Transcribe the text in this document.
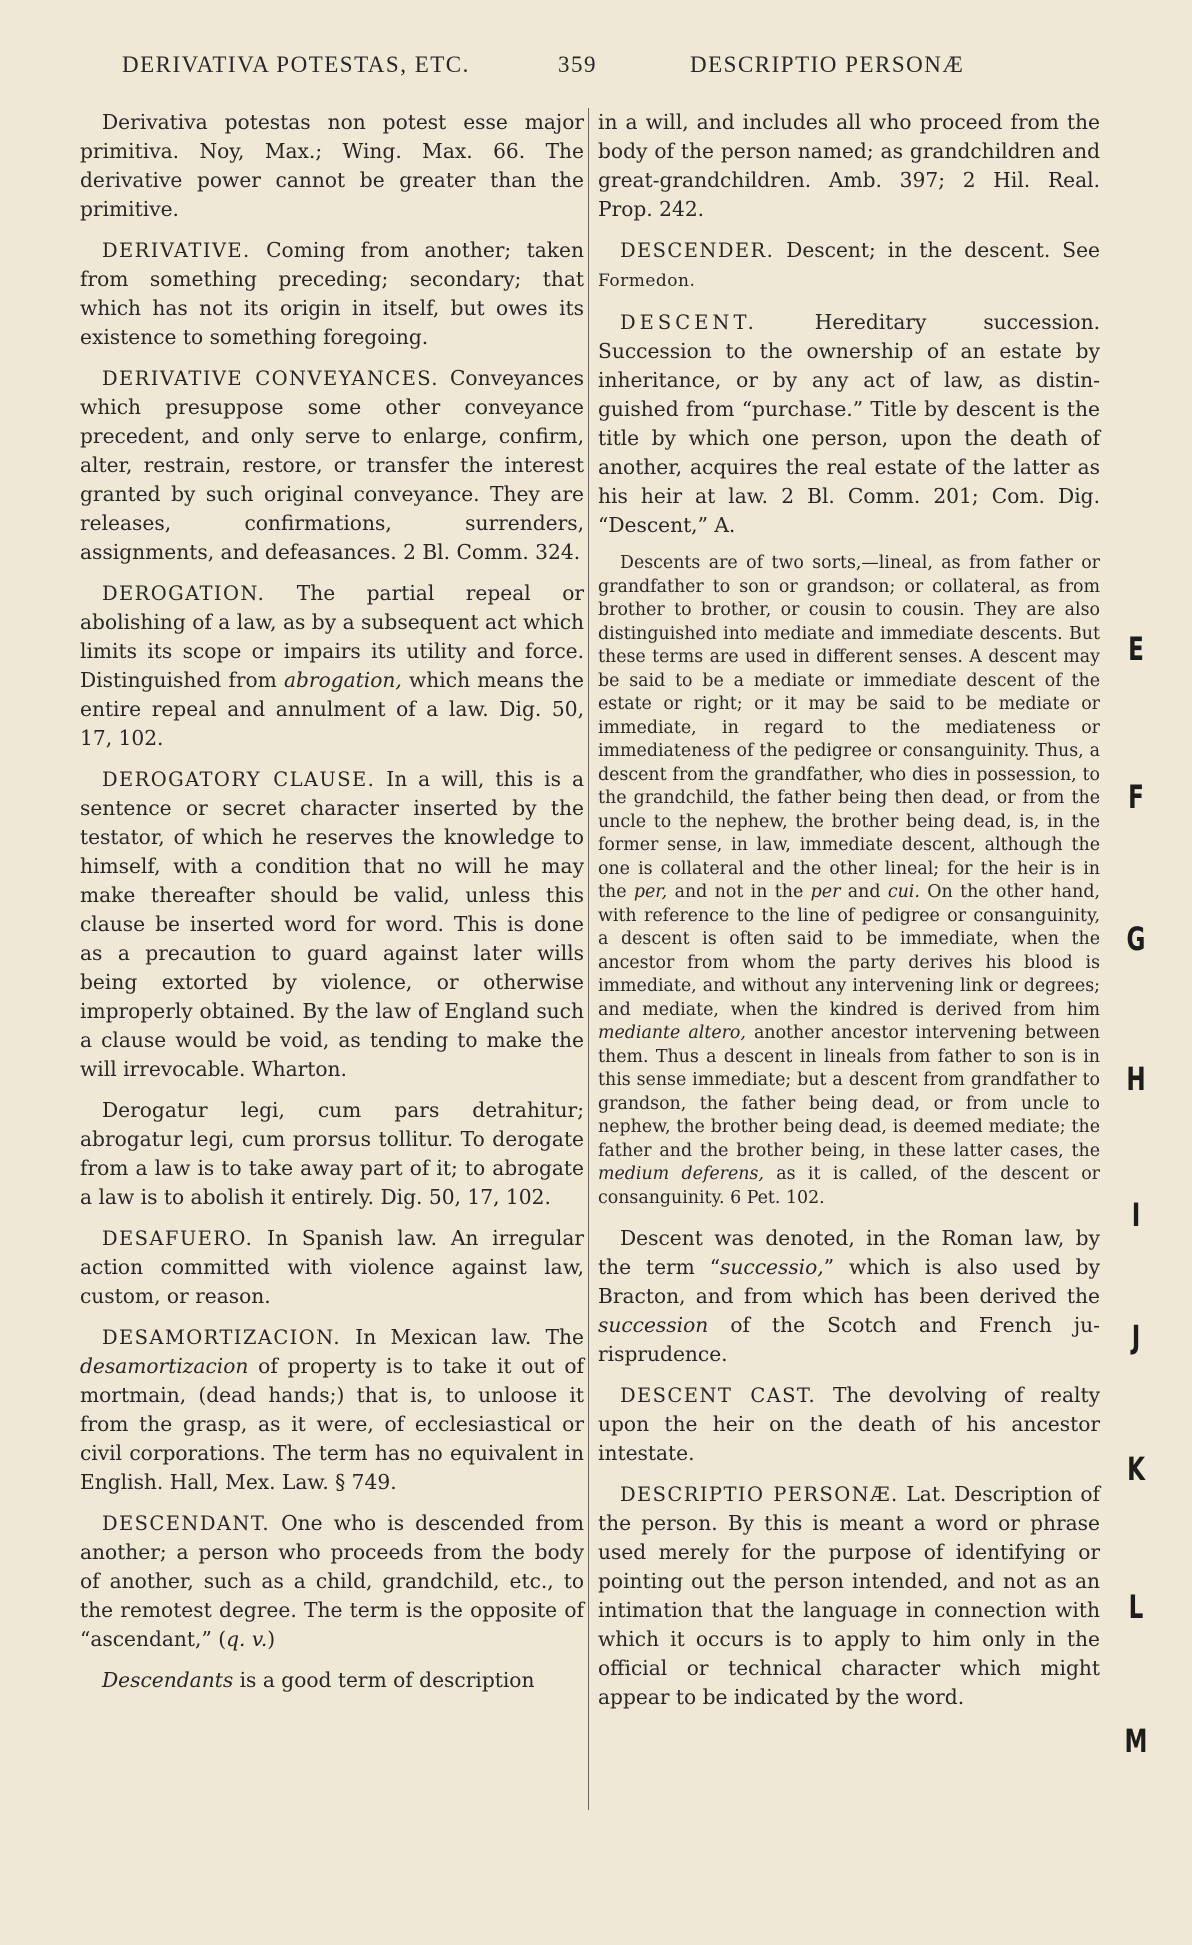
DERIVATIVA POTESTAS, ETC.	359	DESCRIPTIO PERSONÆ

Derivativa potestas non potest esse major primitiva. Noy, Max.; Wing. Max. 66. The derivative power cannot be greater than the primitive.

DERIVATIVE. Coming from another; taken from something preceding; secondary; that which has not its origin in itself, but owes its existence to something foregoing.

DERIVATIVE CONVEYANCES. Conveyances which presuppose some other conveyance precedent, and only serve to enlarge, confirm, alter, restrain, restore, or transfer the interest granted by such original conveyance. They are releases, confirmations, surrenders, assignments, and defeasances. 2 Bl. Comm. 324.

DEROGATION. The partial repeal or abolishing of a law, as by a subsequent act which limits its scope or impairs its utility and force. Distinguished from abrogation, which means the entire repeal and annulment of a law. Dig. 50, 17, 102.

DEROGATORY CLAUSE. In a will, this is a sentence or secret character inserted by the testator, of which he reserves the knowledge to himself, with a condition that no will he may make thereafter should be valid, unless this clause be inserted word for word. This is done as a precaution to guard against later wills being extorted by violence, or otherwise improperly obtained. By the law of England such a clause would be void, as tending to make the will irrevocable. Wharton.

Derogatur legi, cum pars detrahitur; abrogatur legi, cum prorsus tollitur. To derogate from a law is to take away part of it; to abrogate a law is to abolish it entirely. Dig. 50, 17, 102.

DESAFUERO. In Spanish law. An irregular action committed with violence against law, custom, or reason.

DESAMORTIZACION. In Mexican law. The desamortizacion of property is to take it out of mortmain, (dead hands;) that is, to unloose it from the grasp, as it were, of ecclesiastical or civil corporations. The term has no equivalent in English. Hall, Mex. Law. § 749.

DESCENDANT. One who is descended from another; a person who proceeds from the body of another, such as a child, grandchild, etc., to the remotest degree. The term is the opposite of “ascendant,” (q. v.)

Descendants is a good term of description

in a will, and includes all who proceed from the body of the person named; as grandchildren and great-grandchildren. Amb. 397; 2 Hil. Real. Prop. 242.

DESCENDER. Descent; in the descent. See Formedon.

DESCENT. Hereditary succession. Succession to the ownership of an estate by inheritance, or by any act of law, as distinguished from “purchase.” Title by descent is the title by which one person, upon the death of another, acquires the real estate of the latter as his heir at law. 2 Bl. Comm. 201; Com. Dig. “Descent,” A.

Descents are of two sorts,—lineal, as from father or grandfather to son or grandson; or collateral, as from brother to brother, or cousin to cousin. They are also distinguished into mediate and immediate descents. But these terms are used in different senses. A descent may be said to be a mediate or immediate descent of the estate or right; or it may be said to be mediate or immediate, in regard to the mediateness or immediateness of the pedigree or consanguinity. Thus, a descent from the grandfather, who dies in possession, to the grandchild, the father being then dead, or from the uncle to the nephew, the brother being dead, is, in the former sense, in law, immediate descent, although the one is collateral and the other lineal; for the heir is in the per, and not in the per and cui. On the other hand, with reference to the line of pedigree or consanguinity, a descent is often said to be immediate, when the ancestor from whom the party derives his blood is immediate, and without any intervening link or degrees; and mediate, when the kindred is derived from him mediante altero, another ancestor intervening between them. Thus a descent in lineals from father to son is in this sense immediate; but a descent from grandfather to grandson, the father being dead, or from uncle to nephew, the brother being dead, is deemed mediate; the father and the brother being, in these latter cases, the medium deferens, as it is called, of the descent or consanguinity. 6 Pet. 102.

Descent was denoted, in the Roman law, by the term “successio,” which is also used by Bracton, and from which has been derived the succession of the Scotch and French jurisprudence.

DESCENT CAST. The devolving of realty upon the heir on the death of his ancestor intestate.

DESCRIPTIO PERSONÆ. Lat. Description of the person. By this is meant a word or phrase used merely for the purpose of identifying or pointing out the person intended, and not as an intimation that the language in connection with which it occurs is to apply to him only in the official or technical character which might appear to be indicated by the word.

E
F
G
H
I
J
K
L
M
